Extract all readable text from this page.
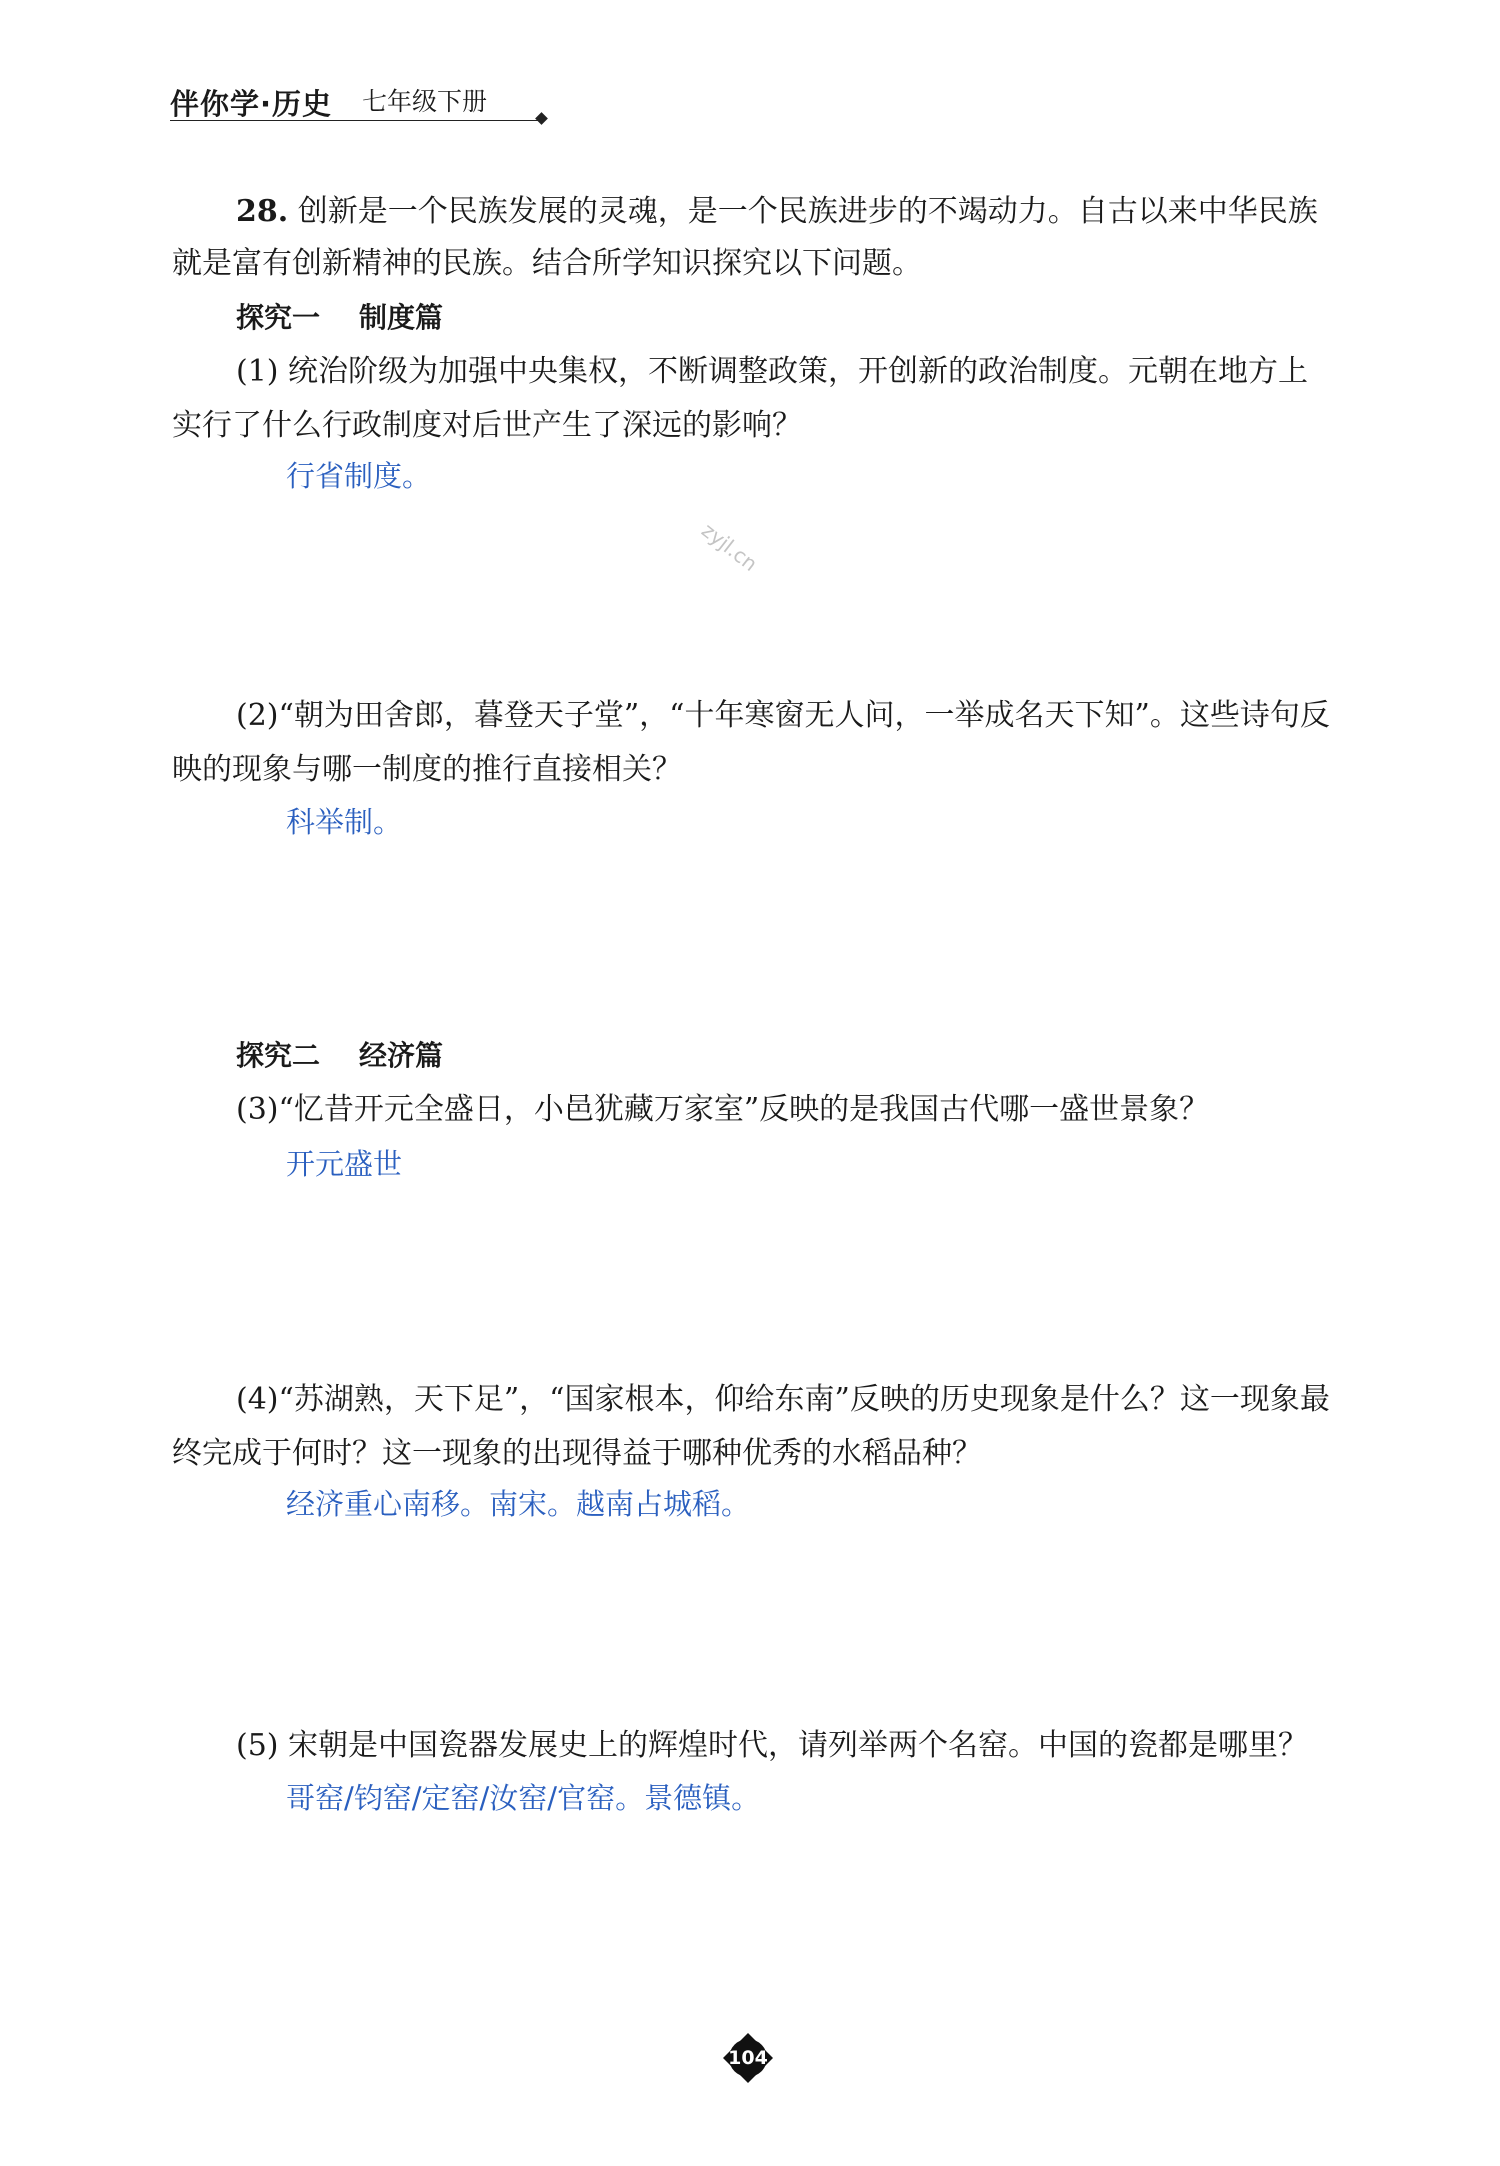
伴你学·历史 七年级下册
28. 创新是一个民族发展的灵魂，是一个民族进步的不竭动力。自古以来中华民族
就是富有创新精神的民族。结合所学知识探究以下问题。
探究一    制度篇
(1) 统治阶级为加强中央集权，不断调整政策，开创新的政治制度。元朝在地方上
实行了什么行政制度对后世产生了深远的影响？
行省制度。
zyjl.cn
(2)“朝为田舍郎，暮登天子堂”，“十年寒窗无人问，一举成名天下知”。这些诗句反
映的现象与哪一制度的推行直接相关？
科举制。
探究二    经济篇
(3)“忆昔开元全盛日，小邑犹藏万家室”反映的是我国古代哪一盛世景象？
开元盛世
(4)“苏湖熟，天下足”，“国家根本，仰给东南”反映的历史现象是什么？这一现象最
终完成于何时？这一现象的出现得益于哪种优秀的水稻品种？
经济重心南移。南宋。越南占城稻。
(5) 宋朝是中国瓷器发展史上的辉煌时代，请列举两个名窑。中国的瓷都是哪里？
哥窑/钧窑/定窑/汝窑/官窑。景德镇。
104
